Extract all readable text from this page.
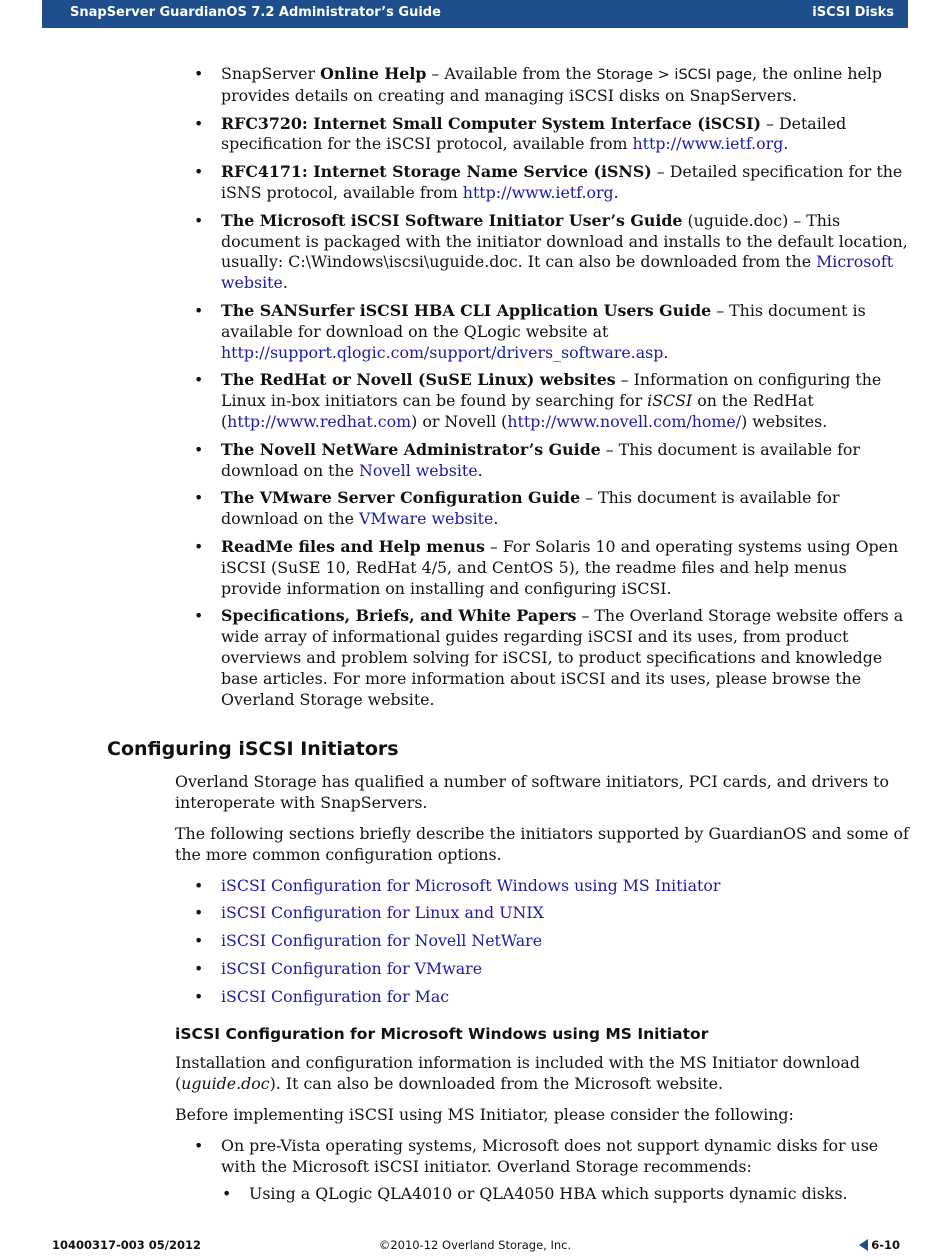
SnapServer GuardianOS 7.2 Administrator’s Guide	iSCSI Disks
• SnapServer Online Help – Available from the Storage > iSCSI page, the online help provides details on creating and managing iSCSI disks on SnapServers.
• RFC3720: Internet Small Computer System Interface (iSCSI) – Detailed specification for the iSCSI protocol, available from http://www.ietf.org.
• RFC4171: Internet Storage Name Service (iSNS) – Detailed specification for the iSNS protocol, available from http://www.ietf.org.
• The Microsoft iSCSI Software Initiator User’s Guide (uguide.doc) – This document is packaged with the initiator download and installs to the default location, usually: C:\Windows\iscsi\uguide.doc. It can also be downloaded from the Microsoft website.
• The SANSurfer iSCSI HBA CLI Application Users Guide – This document is available for download on the QLogic website at http://support.qlogic.com/support/drivers_software.asp.
• The RedHat or Novell (SuSE Linux) websites – Information on configuring the Linux in-box initiators can be found by searching for iSCSI on the RedHat (http://www.redhat.com) or Novell (http://www.novell.com/home/) websites.
• The Novell NetWare Administrator’s Guide – This document is available for download on the Novell website.
• The VMware Server Configuration Guide – This document is available for download on the VMware website.
• ReadMe files and Help menus – For Solaris 10 and operating systems using Open iSCSI (SuSE 10, RedHat 4/5, and CentOS 5), the readme files and help menus provide information on installing and configuring iSCSI.
• Specifications, Briefs, and White Papers – The Overland Storage website offers a wide array of informational guides regarding iSCSI and its uses, from product overviews and problem solving for iSCSI, to product specifications and knowledge base articles. For more information about iSCSI and its uses, please browse the Overland Storage website.
Configuring iSCSI Initiators

Overland Storage has qualified a number of software initiators, PCI cards, and drivers to interoperate with SnapServers.

The following sections briefly describe the initiators supported by GuardianOS and some of the more common configuration options.

• iSCSI Configuration for Microsoft Windows using MS Initiator
• iSCSI Configuration for Linux and UNIX
• iSCSI Configuration for Novell NetWare
• iSCSI Configuration for VMware
• iSCSI Configuration for Mac
iSCSI Configuration for Microsoft Windows using MS Initiator

Installation and configuration information is included with the MS Initiator download (uguide.doc). It can also be downloaded from the Microsoft website.

Before implementing iSCSI using MS Initiator, please consider the following:

• On pre-Vista operating systems, Microsoft does not support dynamic disks for use with the Microsoft iSCSI initiator. Overland Storage recommends:
• Using a QLogic QLA4010 or QLA4050 HBA which supports dynamic disks.
10400317-003 05/2012	©2010-12 Overland Storage, Inc.	6-10
